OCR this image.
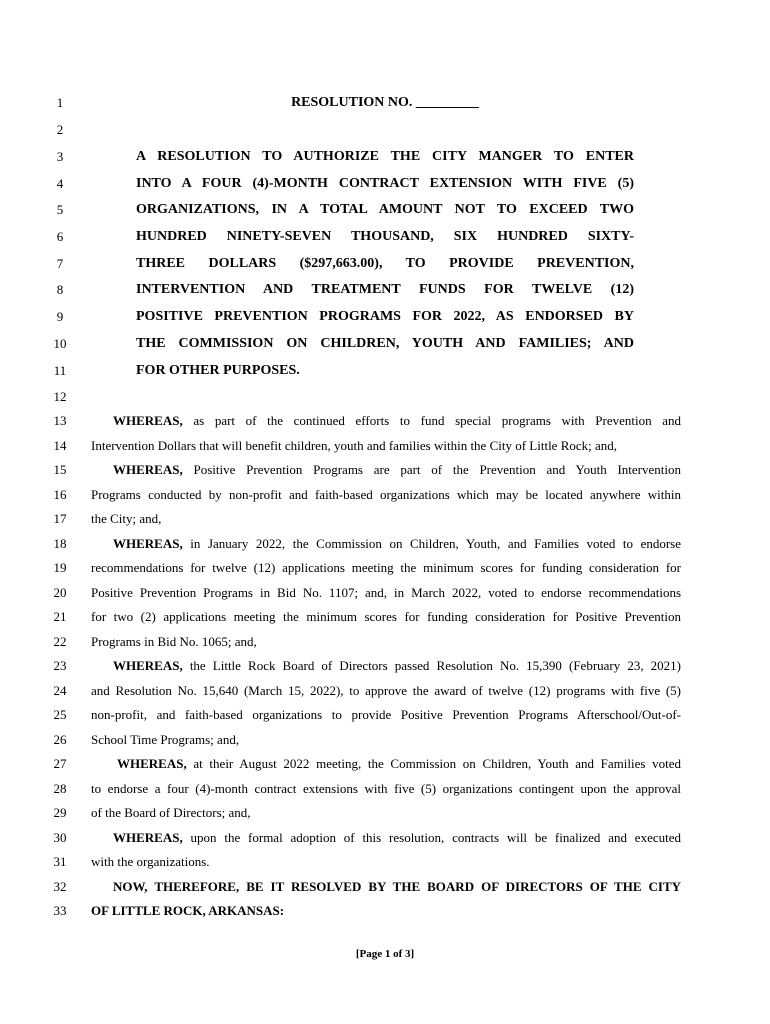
1
2
3
4
5
6
7
8
9
10
11
12
13
14
15
16
17
18
19
20
21
22
23
24
25
26
27
28
29
30
31
32
33
RESOLUTION NO. _________
A RESOLUTION TO AUTHORIZE THE CITY MANGER TO ENTER
INTO A FOUR (4)-MONTH CONTRACT EXTENSION WITH FIVE (5)
ORGANIZATIONS, IN A TOTAL AMOUNT NOT TO EXCEED TWO
HUNDRED NINETY-SEVEN THOUSAND, SIX HUNDRED SIXTY-
THREE DOLLARS ($297,663.00), TO PROVIDE PREVENTION,
INTERVENTION AND TREATMENT FUNDS FOR TWELVE (12)
POSITIVE PREVENTION PROGRAMS FOR 2022, AS ENDORSED BY
THE COMMISSION ON CHILDREN, YOUTH AND FAMILIES; AND
FOR OTHER PURPOSES.
WHEREAS, as part of the continued efforts to fund special programs with Prevention and
Intervention Dollars that will benefit children, youth and families within the City of Little Rock; and,
WHEREAS, Positive Prevention Programs are part of the Prevention and Youth Intervention
Programs conducted by non-profit and faith-based organizations which may be located anywhere within
the City; and,
WHEREAS, in January 2022, the Commission on Children, Youth, and Families voted to endorse
recommendations for twelve (12) applications meeting the minimum scores for funding consideration for
Positive Prevention Programs in Bid No. 1107; and, in March 2022, voted to endorse recommendations
for two (2) applications meeting the minimum scores for funding consideration for Positive Prevention
Programs in Bid No. 1065; and,
WHEREAS, the Little Rock Board of Directors passed Resolution No. 15,390 (February 23, 2021)
and Resolution No. 15,640 (March 15, 2022), to approve the award of twelve (12) programs with five (5)
non-profit, and faith-based organizations to provide Positive Prevention Programs Afterschool/Out-of-
School Time Programs; and,
WHEREAS, at their August 2022 meeting, the Commission on Children, Youth and Families voted
to endorse a four (4)-month contract extensions with five (5) organizations contingent upon the approval
of the Board of Directors; and,
WHEREAS, upon the formal adoption of this resolution, contracts will be finalized and executed
with the organizations.
NOW, THEREFORE, BE IT RESOLVED BY THE BOARD OF DIRECTORS OF THE CITY
OF LITTLE ROCK, ARKANSAS:
[Page 1 of 3]
